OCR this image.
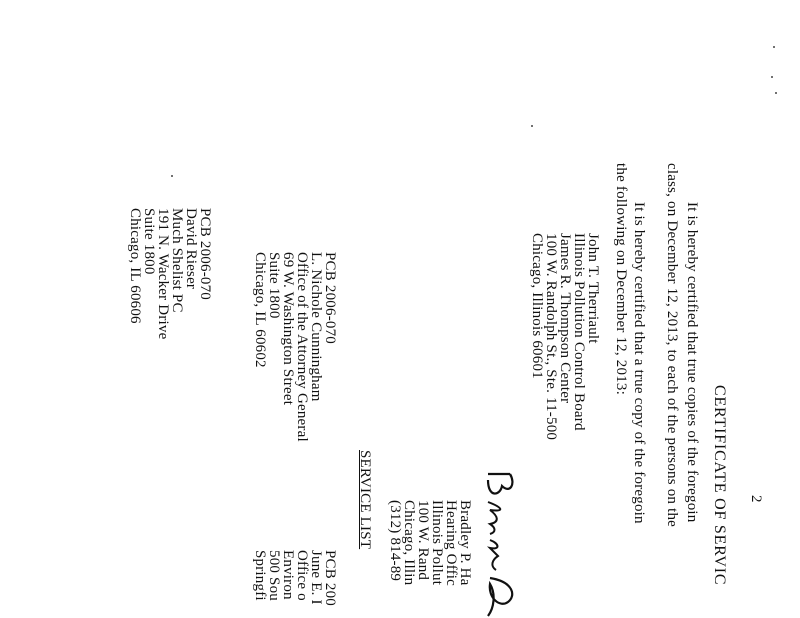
2
CERTIFICATE OF SERVIC
It is hereby certified that true copies of the foregoin
class, on December 12, 2013, to each of the persons on the
It is hereby certified that a true copy of the foregoin
the following on December 12, 2013:
John T. Therriault
Illinois Pollution Control Board
James R. Thompson Center
100 W. Randolph St., Ste. 11-500
Chicago, Illinois 60601
Bradley P. Ha
Hearing Offic
Illinois Pollut
100 W. Rand
Chicago, Illin
(312) 814-89
SERVICE LIST
PCB 2006-070
L. Nichole Cunningham
Office of the Attorney General
69 W. Washington Street
Suite 1800
Chicago, IL 60602
PCB 200
June E. I
Office o
Environ
500 Sou
Springfi
PCB 2006-070
David Rieser
Much Shelist PC
191 N. Wacker Drive
Suite 1800
Chicago, IL 60606
